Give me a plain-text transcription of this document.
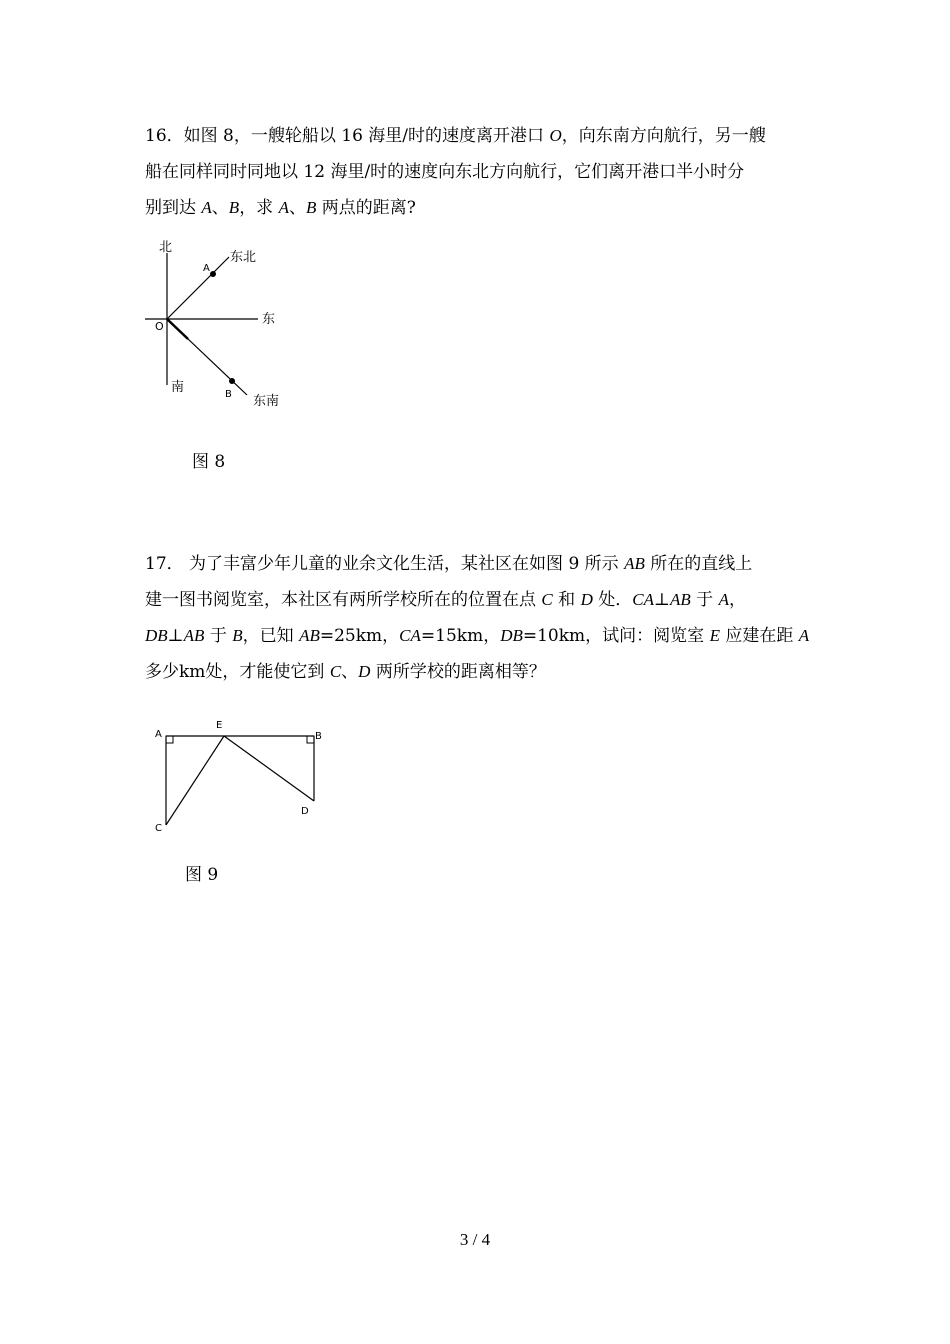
16．如图 8，一艘轮船以 16 海里/时的速度离开港口 O，向东南方向航行，另一艘
船在同样同时同地以 12 海里/时的速度向东北方向航行，它们离开港口半小时分
别到达 A、B，求 A、B 两点的距离?
北
A
东北
东
O
南	B 东南
图 8
17． 为了丰富少年儿童的业余文化生活，某社区在如图 9 所示 AB 所在的直线上
建一图书阅览室，本社区有两所学校所在的位置在点 C 和 D 处．CA⊥AB 于 A，
DB⊥AB 于 B，已知 AB=25km，CA=15km，DB=10km，试问：阅览室 E 应建在距 A
多少km处，才能使它到 C、D 两所学校的距离相等？
A
E
B
C
D
图 9
3 / 4
